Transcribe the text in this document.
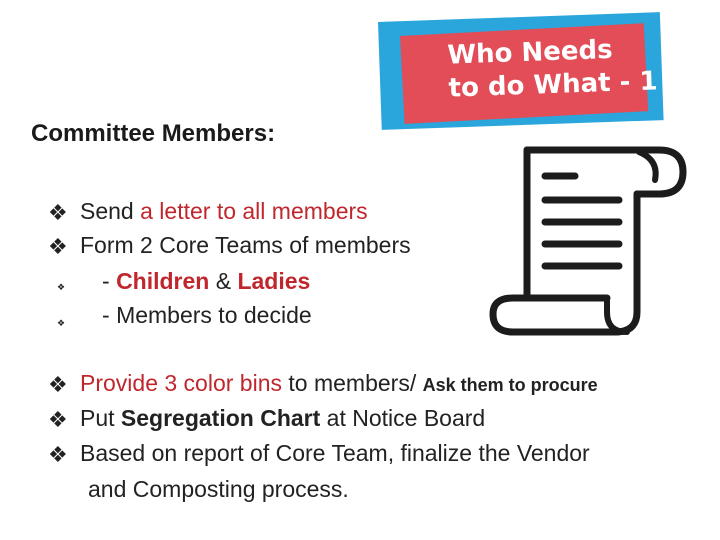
Who Needs
to do What - 1
Committee Members:
❖ Send a letter to all members
❖ Form 2 Core Teams of members
❖ - Children & Ladies
❖ - Members to decide
❖ Provide 3 color bins to members/ Ask them to procure
❖ Put Segregation Chart at Notice Board
❖ Based on report of Core Team, finalize the Vendor
and Composting process.
